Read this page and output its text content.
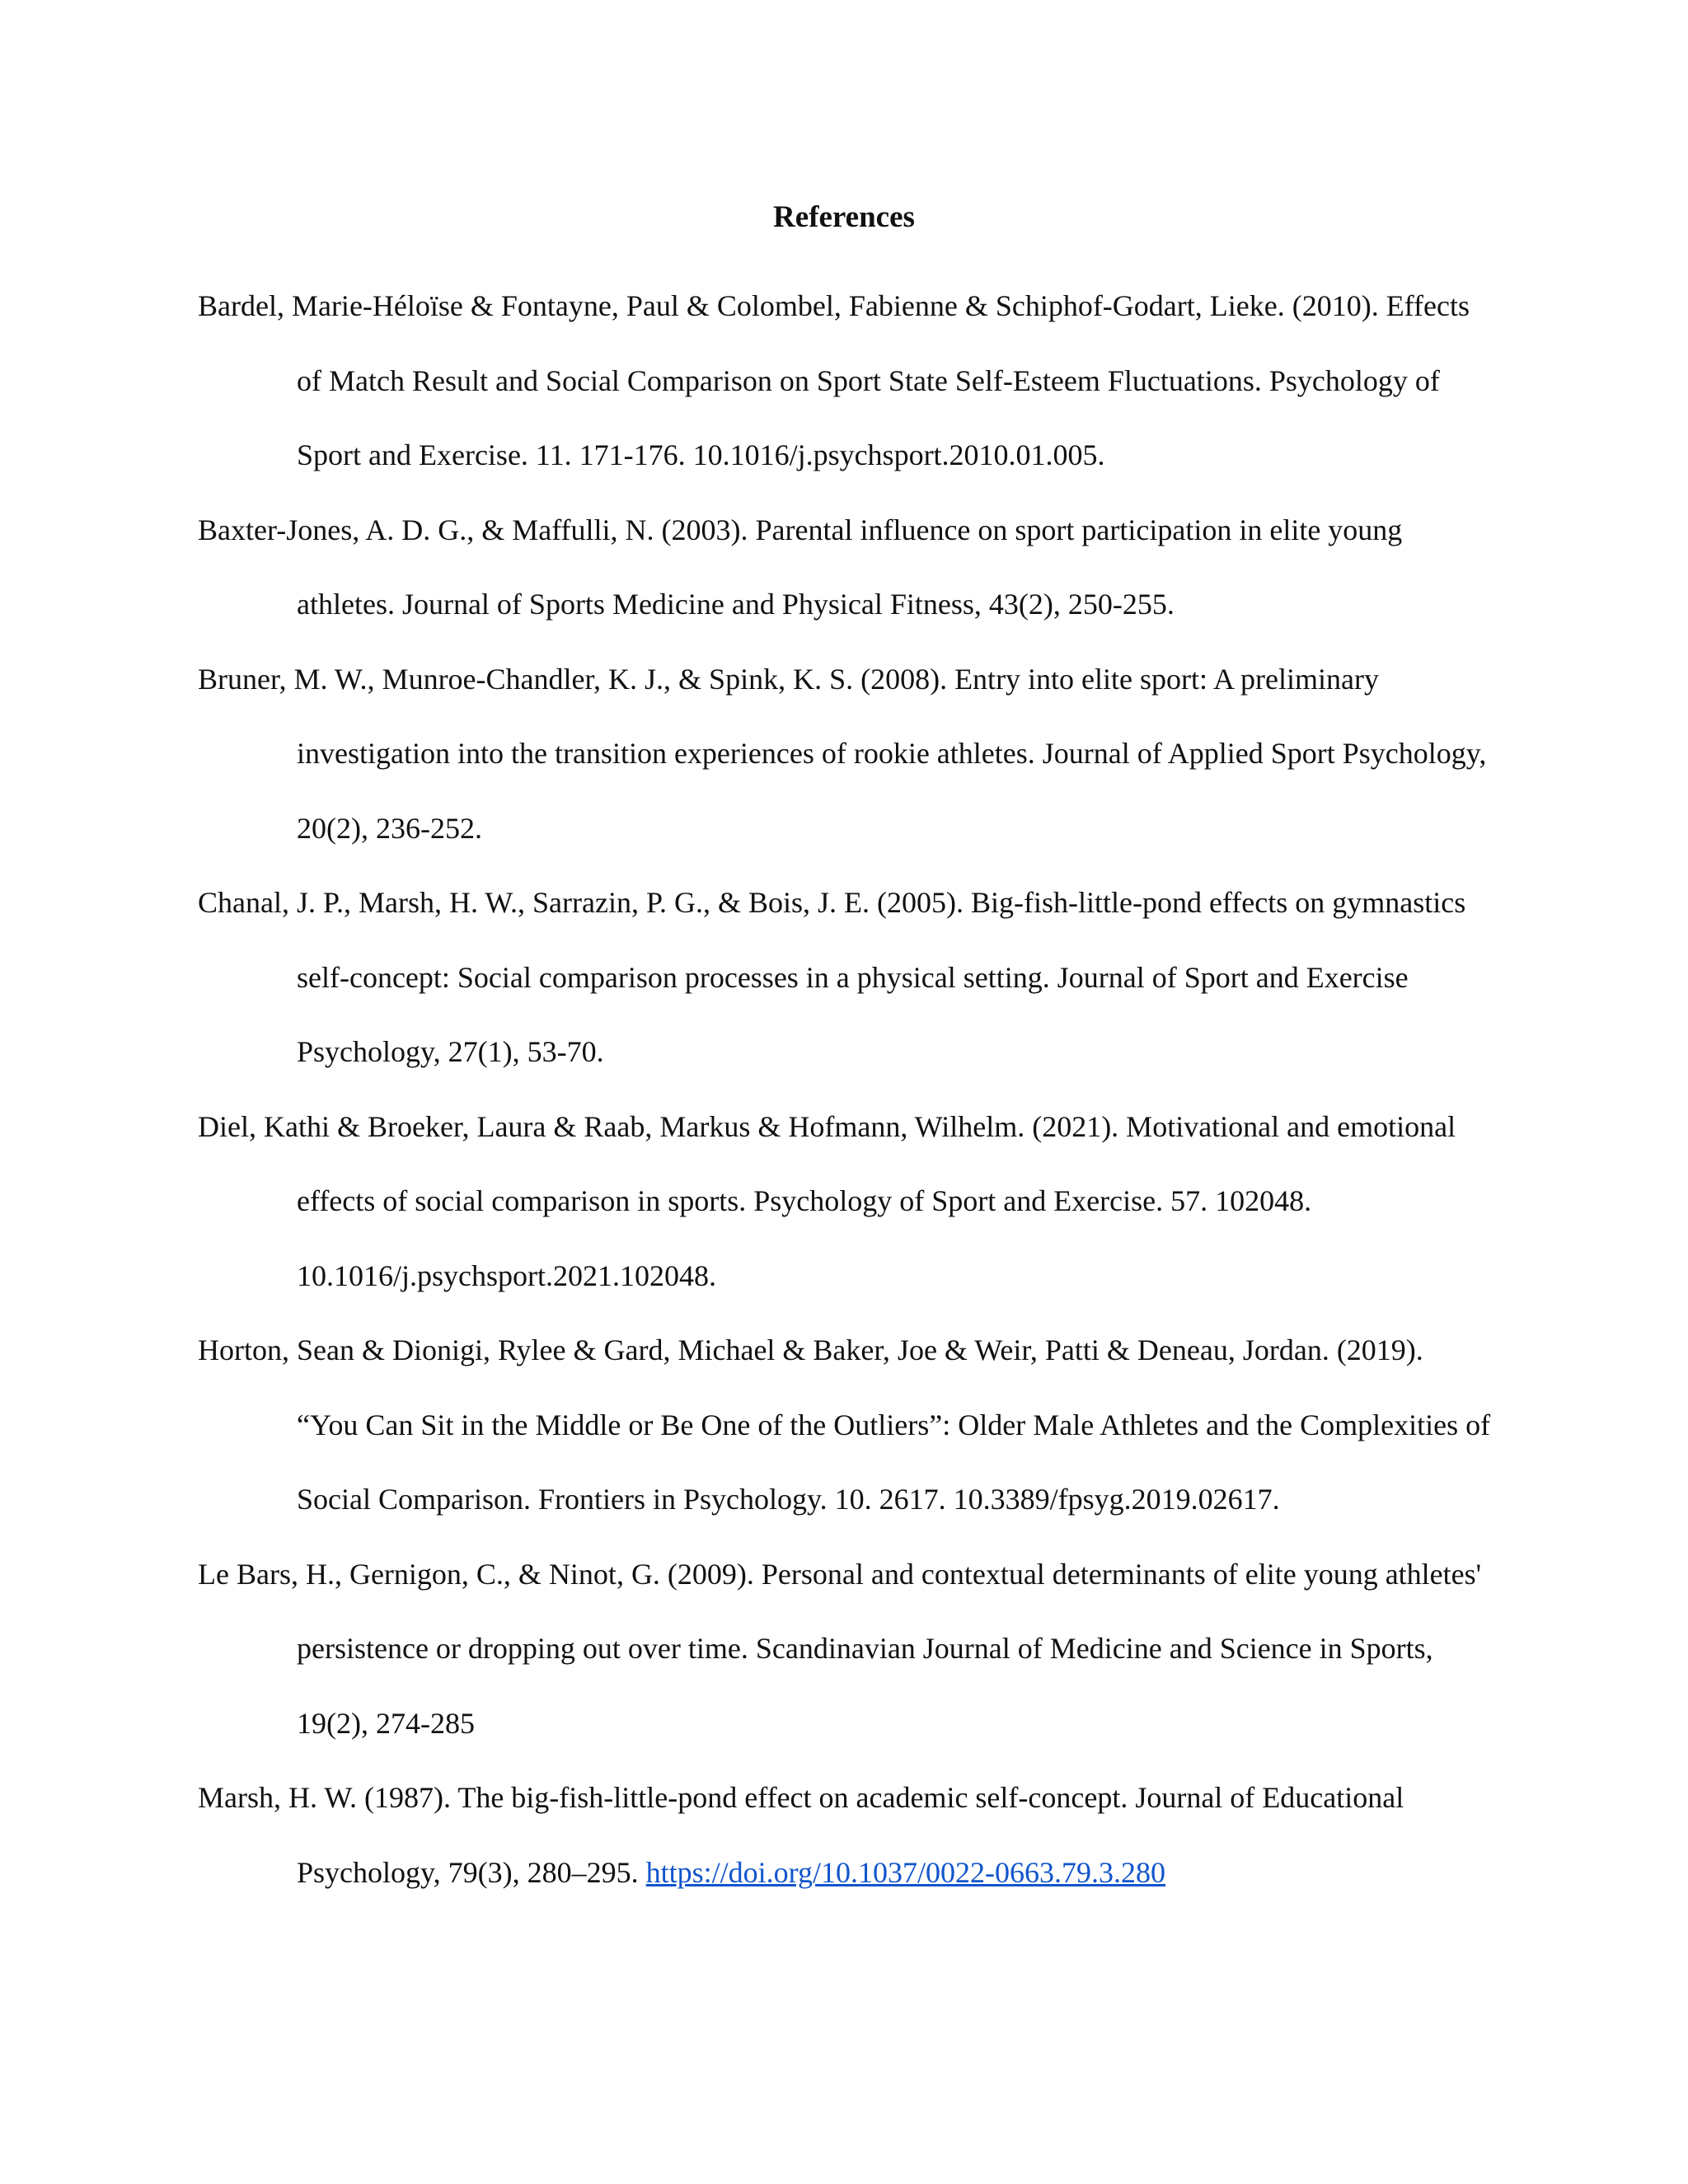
References
Bardel, Marie-Héloïse & Fontayne, Paul & Colombel, Fabienne & Schiphof-Godart, Lieke. (2010). Effects of Match Result and Social Comparison on Sport State Self-Esteem Fluctuations. Psychology of Sport and Exercise. 11. 171-176. 10.1016/j.psychsport.2010.01.005.
Baxter-Jones, A. D. G., & Maffulli, N. (2003). Parental influence on sport participation in elite young athletes. Journal of Sports Medicine and Physical Fitness, 43(2), 250-255.
Bruner, M. W., Munroe-Chandler, K. J., & Spink, K. S. (2008). Entry into elite sport: A preliminary investigation into the transition experiences of rookie athletes. Journal of Applied Sport Psychology, 20(2), 236-252.
Chanal, J. P., Marsh, H. W., Sarrazin, P. G., & Bois, J. E. (2005). Big-fish-little-pond effects on gymnastics self-concept: Social comparison processes in a physical setting. Journal of Sport and Exercise Psychology, 27(1), 53-70.
Diel, Kathi & Broeker, Laura & Raab, Markus & Hofmann, Wilhelm. (2021). Motivational and emotional effects of social comparison in sports. Psychology of Sport and Exercise. 57. 102048. 10.1016/j.psychsport.2021.102048.
Horton, Sean & Dionigi, Rylee & Gard, Michael & Baker, Joe & Weir, Patti & Deneau, Jordan. (2019). “You Can Sit in the Middle or Be One of the Outliers”: Older Male Athletes and the Complexities of Social Comparison. Frontiers in Psychology. 10. 2617. 10.3389/fpsyg.2019.02617.
Le Bars, H., Gernigon, C., & Ninot, G. (2009). Personal and contextual determinants of elite young athletes' persistence or dropping out over time. Scandinavian Journal of Medicine and Science in Sports, 19(2), 274-285
Marsh, H. W. (1987). The big-fish-little-pond effect on academic self-concept. Journal of Educational Psychology, 79(3), 280–295. https://doi.org/10.1037/0022-0663.79.3.280
